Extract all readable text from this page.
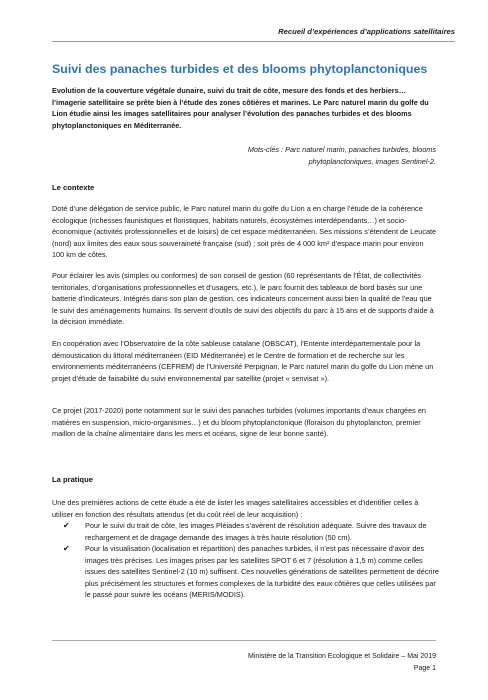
Recueil d’expériences d’applications satellitaires
Suivi des panaches turbides et des blooms phytoplanctoniques
Evolution de la couverture végétale dunaire, suivi du trait de côte, mesure des fonds et des herbiers… l’imagerie satellitaire se prête bien à l’étude des zones côtières et marines. Le Parc naturel marin du golfe du Lion étudie ainsi les images satellitaires pour analyser l’évolution des panaches turbides et des blooms phytoplanctoniques en Méditerranée.
Mots-clés : Parc naturel marin, panaches turbides, blooms phytoplanctoniques, images Sentinel-2.
Le contexte
Doté d’une délégation de service public, le Parc naturel marin du golfe du Lion a en charge l’étude de la cohérence écologique (richesses faunistiques et floristiques, habitats naturels, écosystèmes interdépendants…) et socio-économique (activités professionnelles et de loisirs) de cet espace méditerranéen. Ses missions s’étendent de Leucate (nord) aux limites des eaux sous souveraineté française (sud) ; soit près de 4 000 km² d’espace marin pour environ 100 km de côtes.
Pour éclairer les avis (simples ou conformes) de son conseil de gestion (60 représentants de l’État, de collectivités territoriales, d’organisations professionnelles et d’usagers, etc.), le parc fournit des tableaux de bord basés sur une batterie d’indicateurs. Intégrés dans son plan de gestion, ces indicateurs concernent aussi bien la qualité de l’eau que le suivi des aménagements humains. Ils servent d’outils de suivi des objectifs du parc à 15 ans et de supports d’aide à la décision immédiate.
En coopération avec l’Observatoire de la côte sableuse catalane (OBSCAT), l’Entente interdépartementale pour la démoustication du littoral méditerranéen (EID Méditerranée) et le Centre de formation et de recherche sur les environnements méditerranéens (CEFREM) de l’Université Perpignan, le Parc naturel marin du golfe du Lion mène un projet d’étude de faisabilité du suivi environnemental par satellite (projet « senvisat »).
Ce projet (2017-2020) porte notamment sur le suivi des panaches turbides (volumes importants d’eaux chargées en matières en suspension, micro-organismes…) et du bloom phytoplanctonique (floraison du phytoplancton, premier maillon de la chaîne alimentaire dans les mers et océans, signe de leur bonne santé).
La pratique
Une des premières actions de cette étude a été de lister les images satellitaires accessibles et d’identifier celles à utiliser en fonction des résultats attendus (et du coût réel de leur acquisition) :
✔ Pour le suivi du trait de côte, les images Pléiades s’avèrent de résolution adéquate. Suivre des travaux de rechargement et de dragage demande des images à très haute résolution (50 cm).
✔ Pour la visualisation (localisation et répartition) des panaches turbides, il n’est pas nécessaire d’avoir des images très précises. Les images prises par les satellites SPOT 6 et 7 (résolution à 1,5 m) comme celles issues des satellites Sentinel-2 (10 m) suffisent. Ces nouvelles générations de satellites permettent de décrire plus précisément les structures et formes complexes de la turbidité des eaux côtières que celles utilisées par le passé pour suivre les océans (MERIS/MODIS).
Ministère de la Transition Ecologique et Solidaire – Mai 2019
Page 1
